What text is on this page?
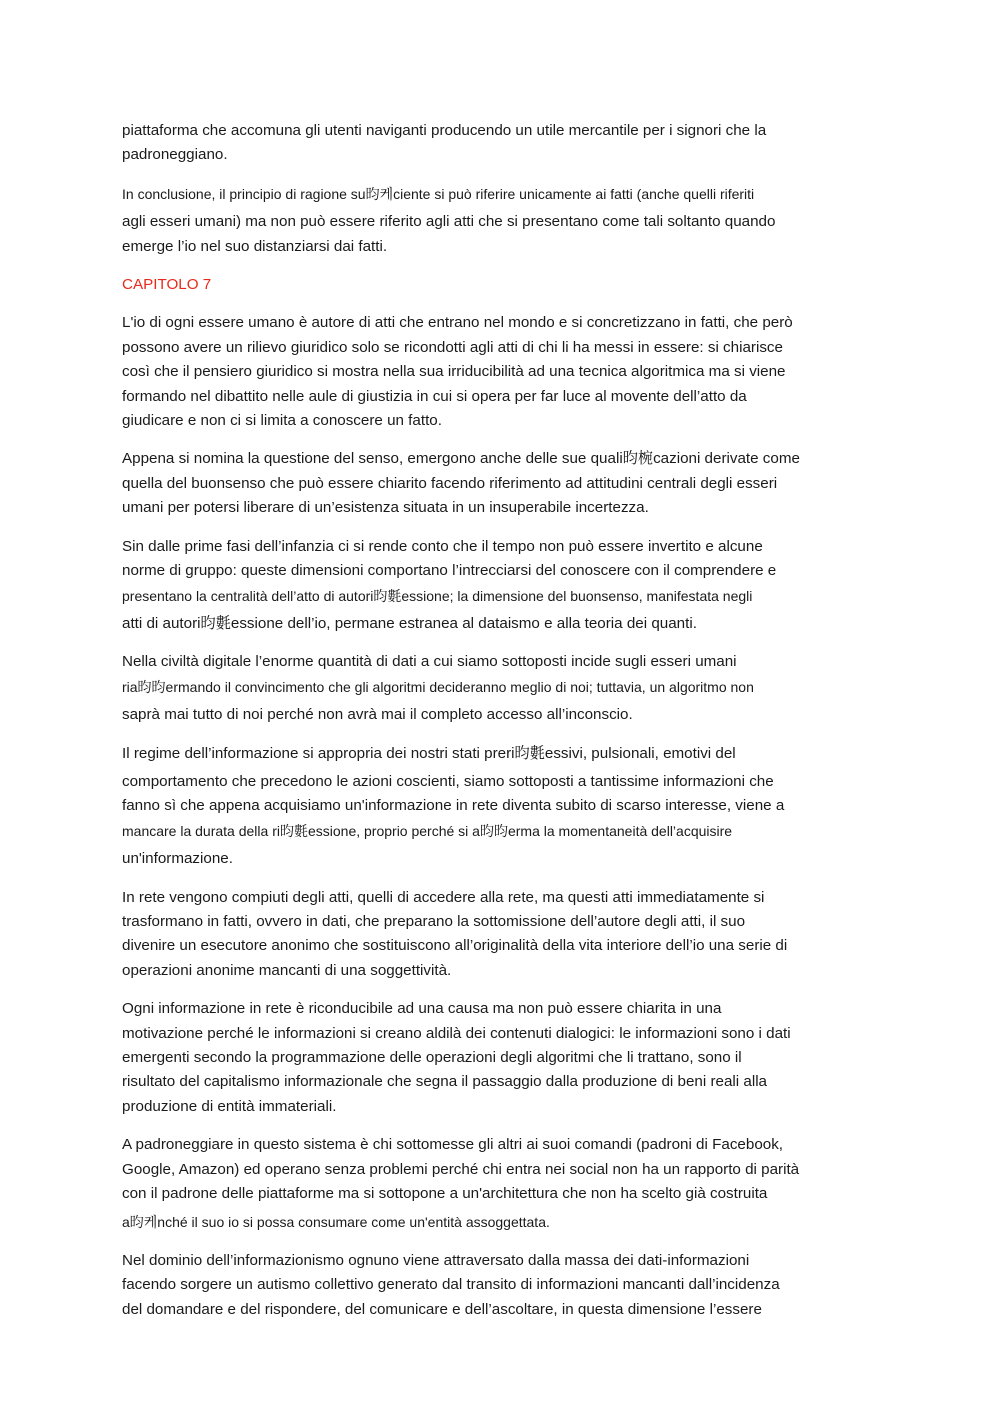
piattaforma che accomuna gli utenti naviganti producendo un utile mercantile per i signori che la
padroneggiano.

In conclusione, il principio di ragione su昀케ciente si può riferire unicamente ai fatti (anche quelli riferiti
agli esseri umani) ma non può essere riferito agli atti che si presentano come tali soltanto quando
emerge l’io nel suo distanziarsi dai fatti.

CAPITOLO 7

L'io di ogni essere umano è autore di atti che entrano nel mondo e si concretizzano in fatti, che però
possono avere un rilievo giuridico solo se ricondotti agli atti di chi li ha messi in essere: si chiarisce
così che il pensiero giuridico si mostra nella sua irriducibilità ad una tecnica algoritmica ma si viene
formando nel dibattito nelle aule di giustizia in cui si opera per far luce al movente dell’atto da
giudicare e non ci si limita a conoscere un fatto.

Appena si nomina la questione del senso, emergono anche delle sue quali昀椀cazioni derivate come
quella del buonsenso che può essere chiarito facendo riferimento ad attitudini centrali degli esseri
umani per potersi liberare di un’esistenza situata in un insuperabile incertezza.

Sin dalle prime fasi dell’infanzia ci si rende conto che il tempo non può essere invertito e alcune
norme di gruppo: queste dimensioni comportano l’intrecciarsi del conoscere con il comprendere e
presentano la centralità dell’atto di autori昀氀essione; la dimensione del buonsenso, manifestata negli
atti di autori昀氀essione dell’io, permane estranea al dataismo e alla teoria dei quanti.

Nella civiltà digitale l’enorme quantità di dati a cui siamo sottoposti incide sugli esseri umani
ria昀昀ermando il convincimento che gli algoritmi decideranno meglio di noi; tuttavia, un algoritmo non
saprà mai tutto di noi perché non avrà mai il completo accesso all’inconscio.

Il regime dell’informazione si appropria dei nostri stati preri昀氀essivi, pulsionali, emotivi del
comportamento che precedono le azioni coscienti, siamo sottoposti a tantissime informazioni che
fanno sì che appena acquisiamo un'informazione in rete diventa subito di scarso interesse, viene a
mancare la durata della ri昀氀essione, proprio perché si a昀昀erma la momentaneità dell’acquisire
un'informazione.

In rete vengono compiuti degli atti, quelli di accedere alla rete, ma questi atti immediatamente si
trasformano in fatti, ovvero in dati, che preparano la sottomissione dell’autore degli atti, il suo
divenire un esecutore anonimo che sostituiscono all’originalità della vita interiore dell’io una serie di
operazioni anonime mancanti di una soggettività.

Ogni informazione in rete è riconducibile ad una causa ma non può essere chiarita in una
motivazione perché le informazioni si creano aldilà dei contenuti dialogici: le informazioni sono i dati
emergenti secondo la programmazione delle operazioni degli algoritmi che li trattano, sono il
risultato del capitalismo informazionale che segna il passaggio dalla produzione di beni reali alla
produzione di entità immateriali.

A padroneggiare in questo sistema è chi sottomesse gli altri ai suoi comandi (padroni di Facebook,
Google, Amazon) ed operano senza problemi perché chi entra nei social non ha un rapporto di parità
con il padrone delle piattaforme ma si sottopone a un'architettura che non ha scelto già costruita
a昀케nché il suo io si possa consumare come un'entità assoggettata.

Nel dominio dell’informazionismo ognuno viene attraversato dalla massa dei dati-informazioni
facendo sorgere un autismo collettivo generato dal transito di informazioni mancanti dall’incidenza
del domandare e del rispondere, del comunicare e dell’ascoltare, in questa dimensione l’essere
